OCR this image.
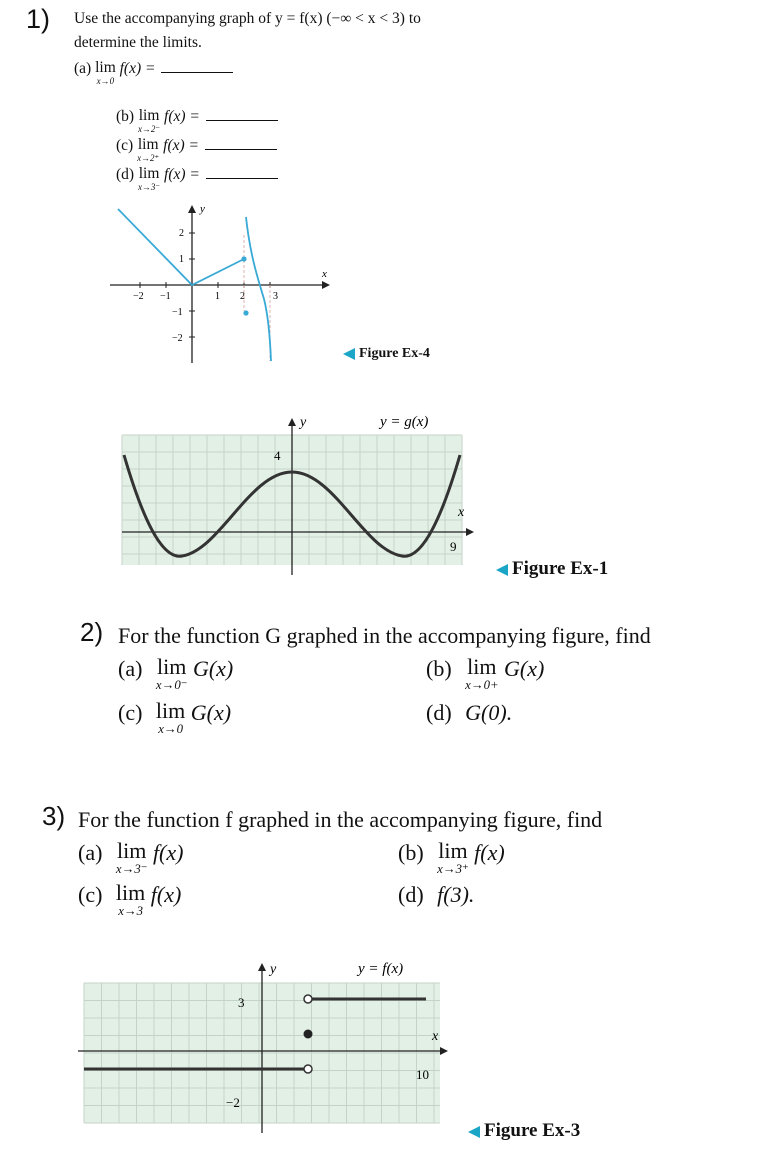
1) Use the accompanying graph of y = f(x) (−∞ < x < 3) to
determine the limits.
(a) lim
x→0
f(x) =
(b) lim
x→2⁻
f(x) =
(c) lim
x→2⁺
f(x) =
(d) lim
x→3⁻
f(x) =
y
x
−2 −1	1 2	3
2
1
−1
−2
Figure Ex-4
y	y = g(x)
x
4
9
Figure Ex-1
2) For the function G graphed in the accompanying figure, find
(a) lim
x→0⁻
G(x)	(b) lim
x→0+
G(x)
(c) lim
x→0
G(x)	(d) G(0).
3) For the function f graphed in the accompanying figure, find
(a) lim
x→3⁻
f(x)	(b) lim
x→3⁺
f(x)
(c) lim
x→3
f(x)	(d) f(3).
y	y = f(x)
x
3
10
−2
Figure Ex-3
